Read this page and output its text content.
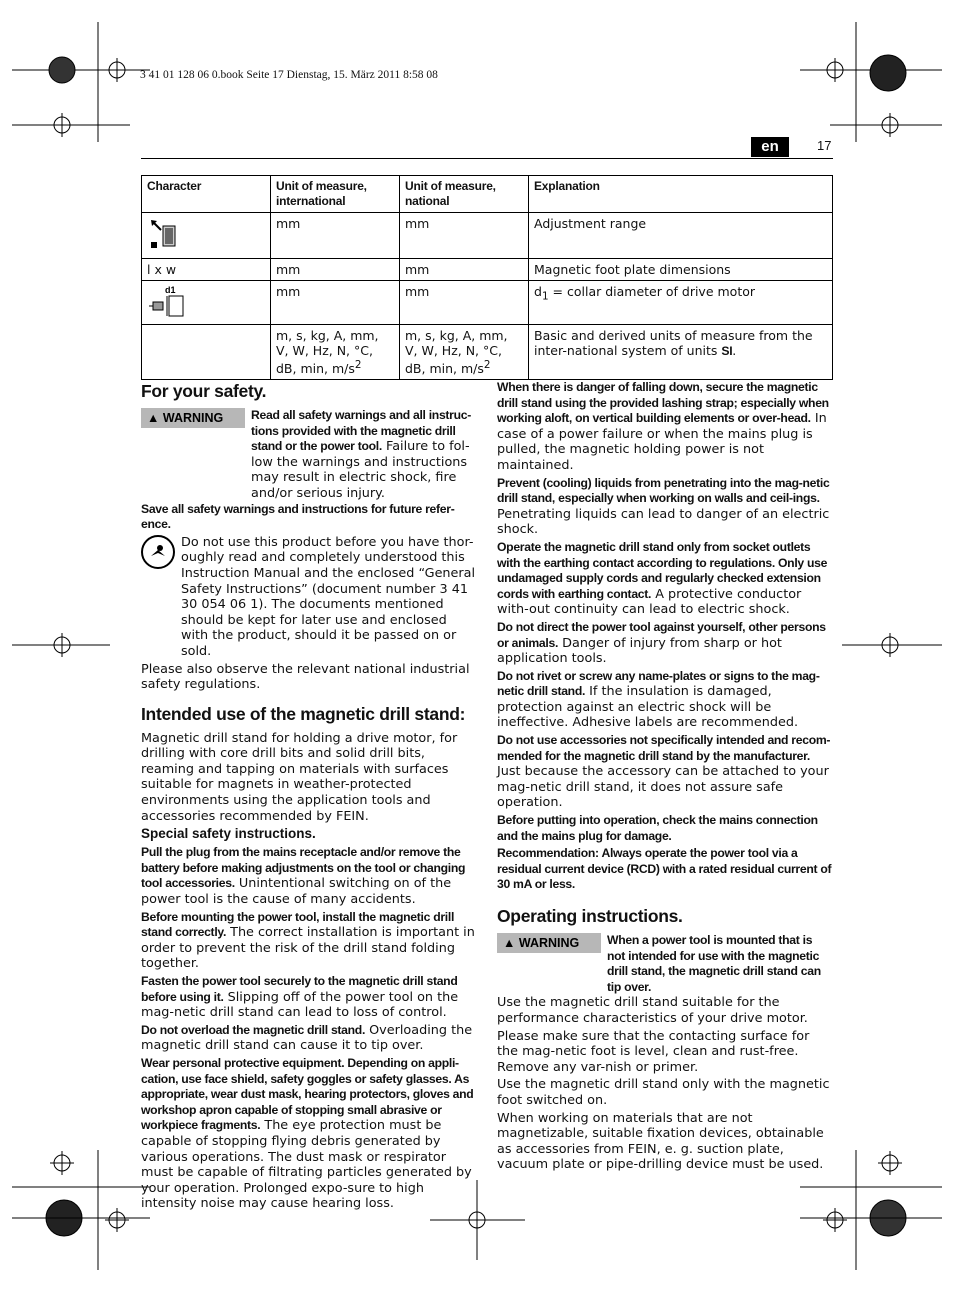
3 41 01 128 06 0.book Seite 17 Dienstag, 15. März 2011 8:58 08
en	17
Character	Unit of measure, international	Unit of measure, national	Explanation
	mm	mm	Adjustment range
l x w	mm	mm	Magnetic foot plate dimensions

d1	mm	mm	$d_1$ = collar diameter of drive motor
	m, s, kg, A, mm, V, W, Hz, N, °C, dB, min, $m/s^2$	m, s, kg, A, mm, V, W, Hz, N, °C, dB, min, $m/s^2$	Basic and derived units of measure from the inter-national system of units SI.
For your safety.
▲ WARNING	Read all safety warnings and all instruc-tions provided with the magnetic drill stand or the power tool. Failure to fol-low the warnings and instructions may result in electric shock, fire and/or serious injury.

Save all safety warnings and instructions for future refer-ence.

Do not use this product before you have thor-oughly read and completely understood this Instruction Manual and the enclosed “General Safety Instructions” (document number 3 41 30 054 06 1). The documents mentioned should be kept for later use and enclosed with the product, should it be passed on or sold.

Please also observe the relevant national industrial safety regulations.

Intended use of the magnetic drill stand:

Magnetic drill stand for holding a drive motor, for drilling with core drill bits and solid drill bits, reaming and tapping on materials with surfaces suitable for magnets in weather-protected environments using the application tools and accessories recommended by FEIN.

Special safety instructions.

Pull the plug from the mains receptacle and/or remove the battery before making adjustments on the tool or changing tool accessories. Unintentional switching on of the power tool is the cause of many accidents.

Before mounting the power tool, install the magnetic drill stand correctly. The correct installation is important in order to prevent the risk of the drill stand folding together.

Fasten the power tool securely to the magnetic drill stand before using it. Slipping off of the power tool on the mag-netic drill stand can lead to loss of control.

Do not overload the magnetic drill stand. Overloading the magnetic drill stand can cause it to tip over.

Wear personal protective equipment. Depending on appli-cation, use face shield, safety goggles or safety glasses. As appropriate, wear dust mask, hearing protectors, gloves and workshop apron capable of stopping small abrasive or workpiece fragments. The eye protection must be capable of stopping flying debris generated by various operations. The dust mask or respirator must be capable of filtrating particles generated by your operation. Prolonged expo-sure to high intensity noise may cause hearing loss.

When there is danger of falling down, secure the magnetic drill stand using the provided lashing strap; especially when working aloft, on vertical building elements or over-head. In case of a power failure or when the mains plug is pulled, the magnetic holding power is not maintained.

Prevent (cooling) liquids from penetrating into the mag-netic drill stand, especially when working on walls and ceil-ings. Penetrating liquids can lead to danger of an electric shock.

Operate the magnetic drill stand only from socket outlets with the earthing contact according to regulations. Only use undamaged supply cords and regularly checked extension cords with earthing contact. A protective conductor with-out continuity can lead to electric shock.

Do not direct the power tool against yourself, other persons or animals. Danger of injury from sharp or hot application tools.

Do not rivet or screw any name-plates or signs to the mag-netic drill stand. If the insulation is damaged, protection against an electric shock will be ineffective. Adhesive labels are recommended.

Do not use accessories not specifically intended and recom-mended for the magnetic drill stand by the manufacturer. Just because the accessory can be attached to your mag-netic drill stand, it does not assure safe operation.

Before putting into operation, check the mains connection and the mains plug for damage.

Recommendation: Always operate the power tool via a residual current device (RCD) with a rated residual current of 30 mA or less.

Operating instructions.
▲ WARNING	When a power tool is mounted that is not intended for use with the magnetic drill stand, the magnetic drill stand can tip over.

Use the magnetic drill stand suitable for the performance characteristics of your drive motor.

Please make sure that the contacting surface for the mag-netic foot is level, clean and rust-free. Remove any var-nish or primer.

Use the magnetic drill stand only with the magnetic foot switched on.

When working on materials that are not magnetizable, suitable fixation devices, obtainable as accessories from FEIN, e. g. suction plate, vacuum plate or pipe-drilling device must be used.
